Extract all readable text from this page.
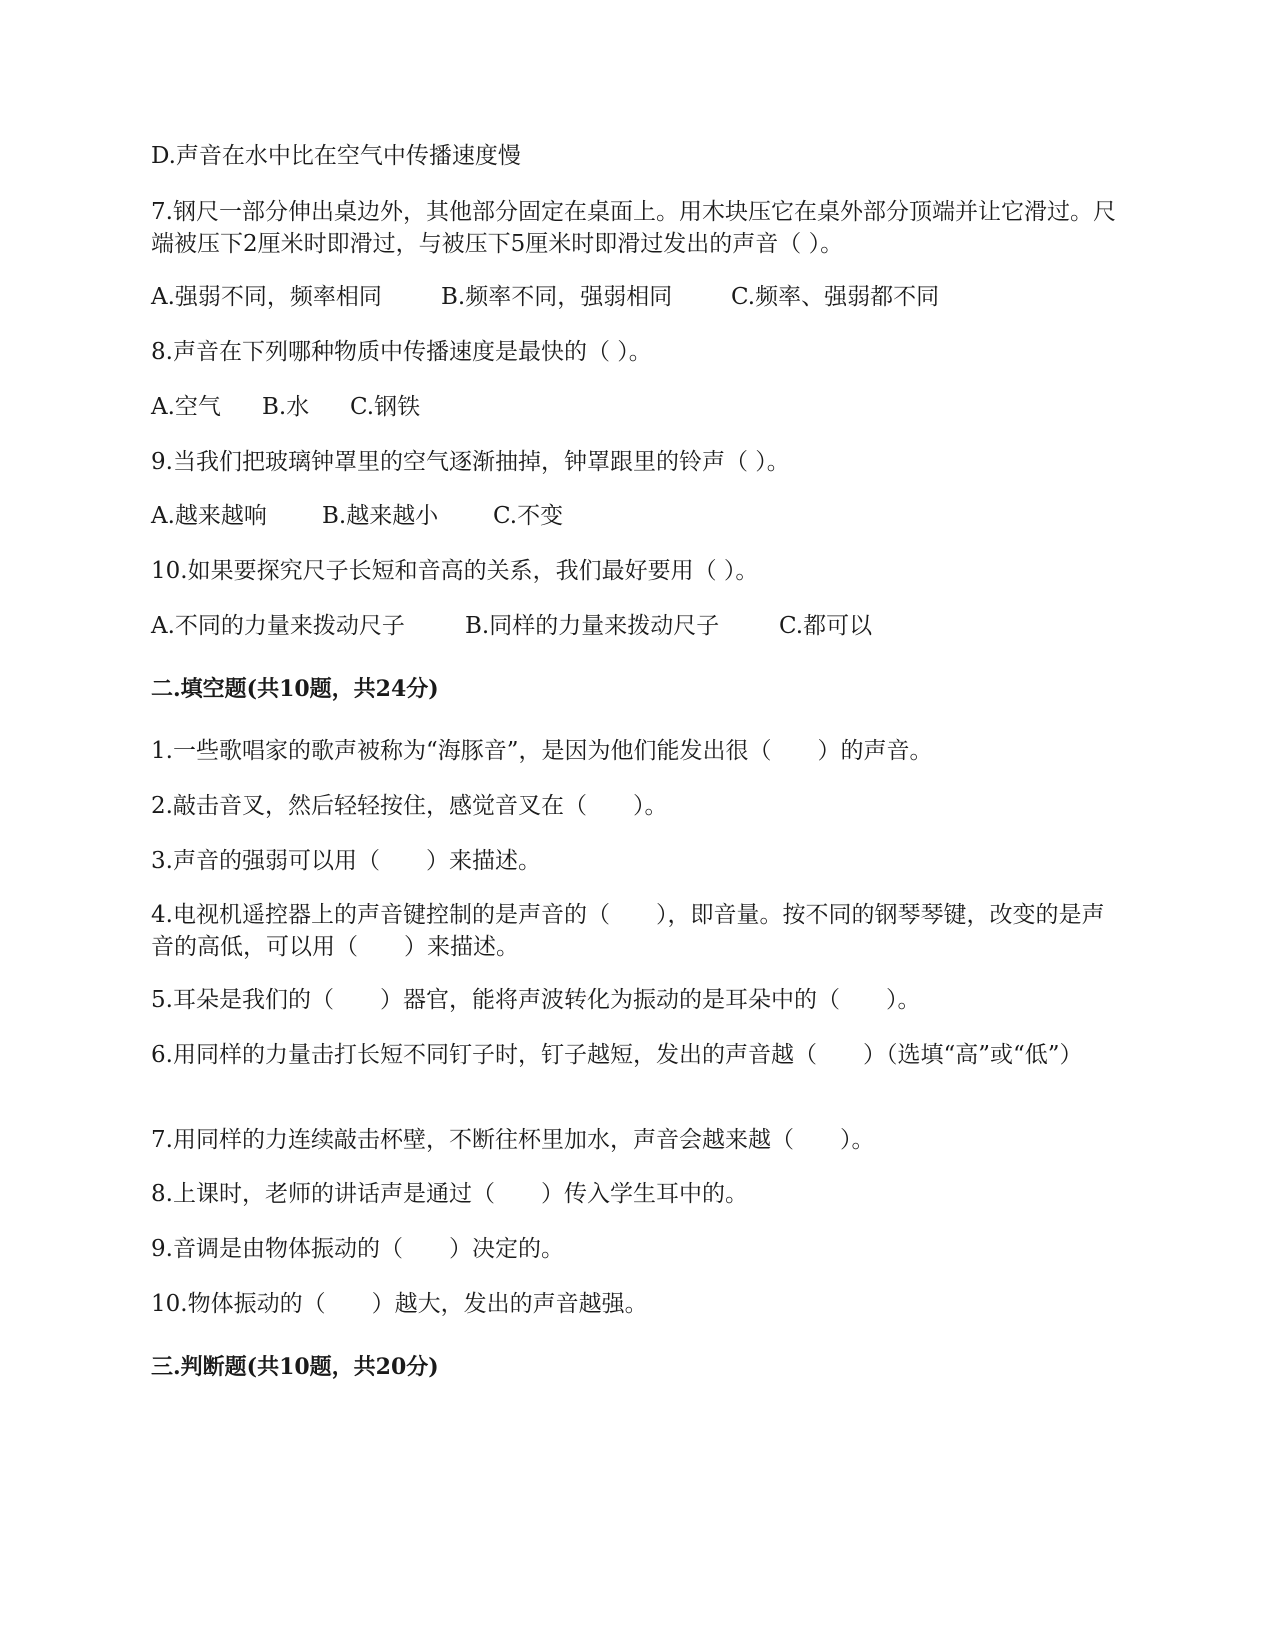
D.声音在水中比在空气中传播速度慢
7.钢尺一部分伸出桌边外，其他部分固定在桌面上。用木块压它在桌外部分顶端并让它滑过。尺端被压下2厘米时即滑过，与被压下5厘米时即滑过发出的声音（ ）。
A.强弱不同，频率相同	B.频率不同，强弱相同	C.频率、强弱都不同
8.声音在下列哪种物质中传播速度是最快的（ ）。
A.空气 B.水 C.钢铁
9.当我们把玻璃钟罩里的空气逐渐抽掉，钟罩跟里的铃声（ ）。
A.越来越响 B.越来越小 C.不变
10.如果要探究尺子长短和音高的关系，我们最好要用（ ）。
A.不同的力量来拨动尺子	B.同样的力量来拨动尺子	C.都可以
二.填空题(共10题，共24分)
1.一些歌唱家的歌声被称为“海豚音”，是因为他们能发出很（　　）的声音。
2.敲击音叉，然后轻轻按住，感觉音叉在（　　）。
3.声音的强弱可以用（　　）来描述。
4.电视机遥控器上的声音键控制的是声音的（　　），即音量。按不同的钢琴琴键，改变的是声音的高低，可以用（　　）来描述。
5.耳朵是我们的（　　）器官，能将声波转化为振动的是耳朵中的（　　）。
6.用同样的力量击打长短不同钉子时，钉子越短，发出的声音越（　　）（选填“高”或“低”）
7.用同样的力连续敲击杯壁，不断往杯里加水，声音会越来越（　　）。
8.上课时，老师的讲话声是通过（　　）传入学生耳中的。
9.音调是由物体振动的（　　）决定的。
10.物体振动的（　　）越大，发出的声音越强。
三.判断题(共10题，共20分)
